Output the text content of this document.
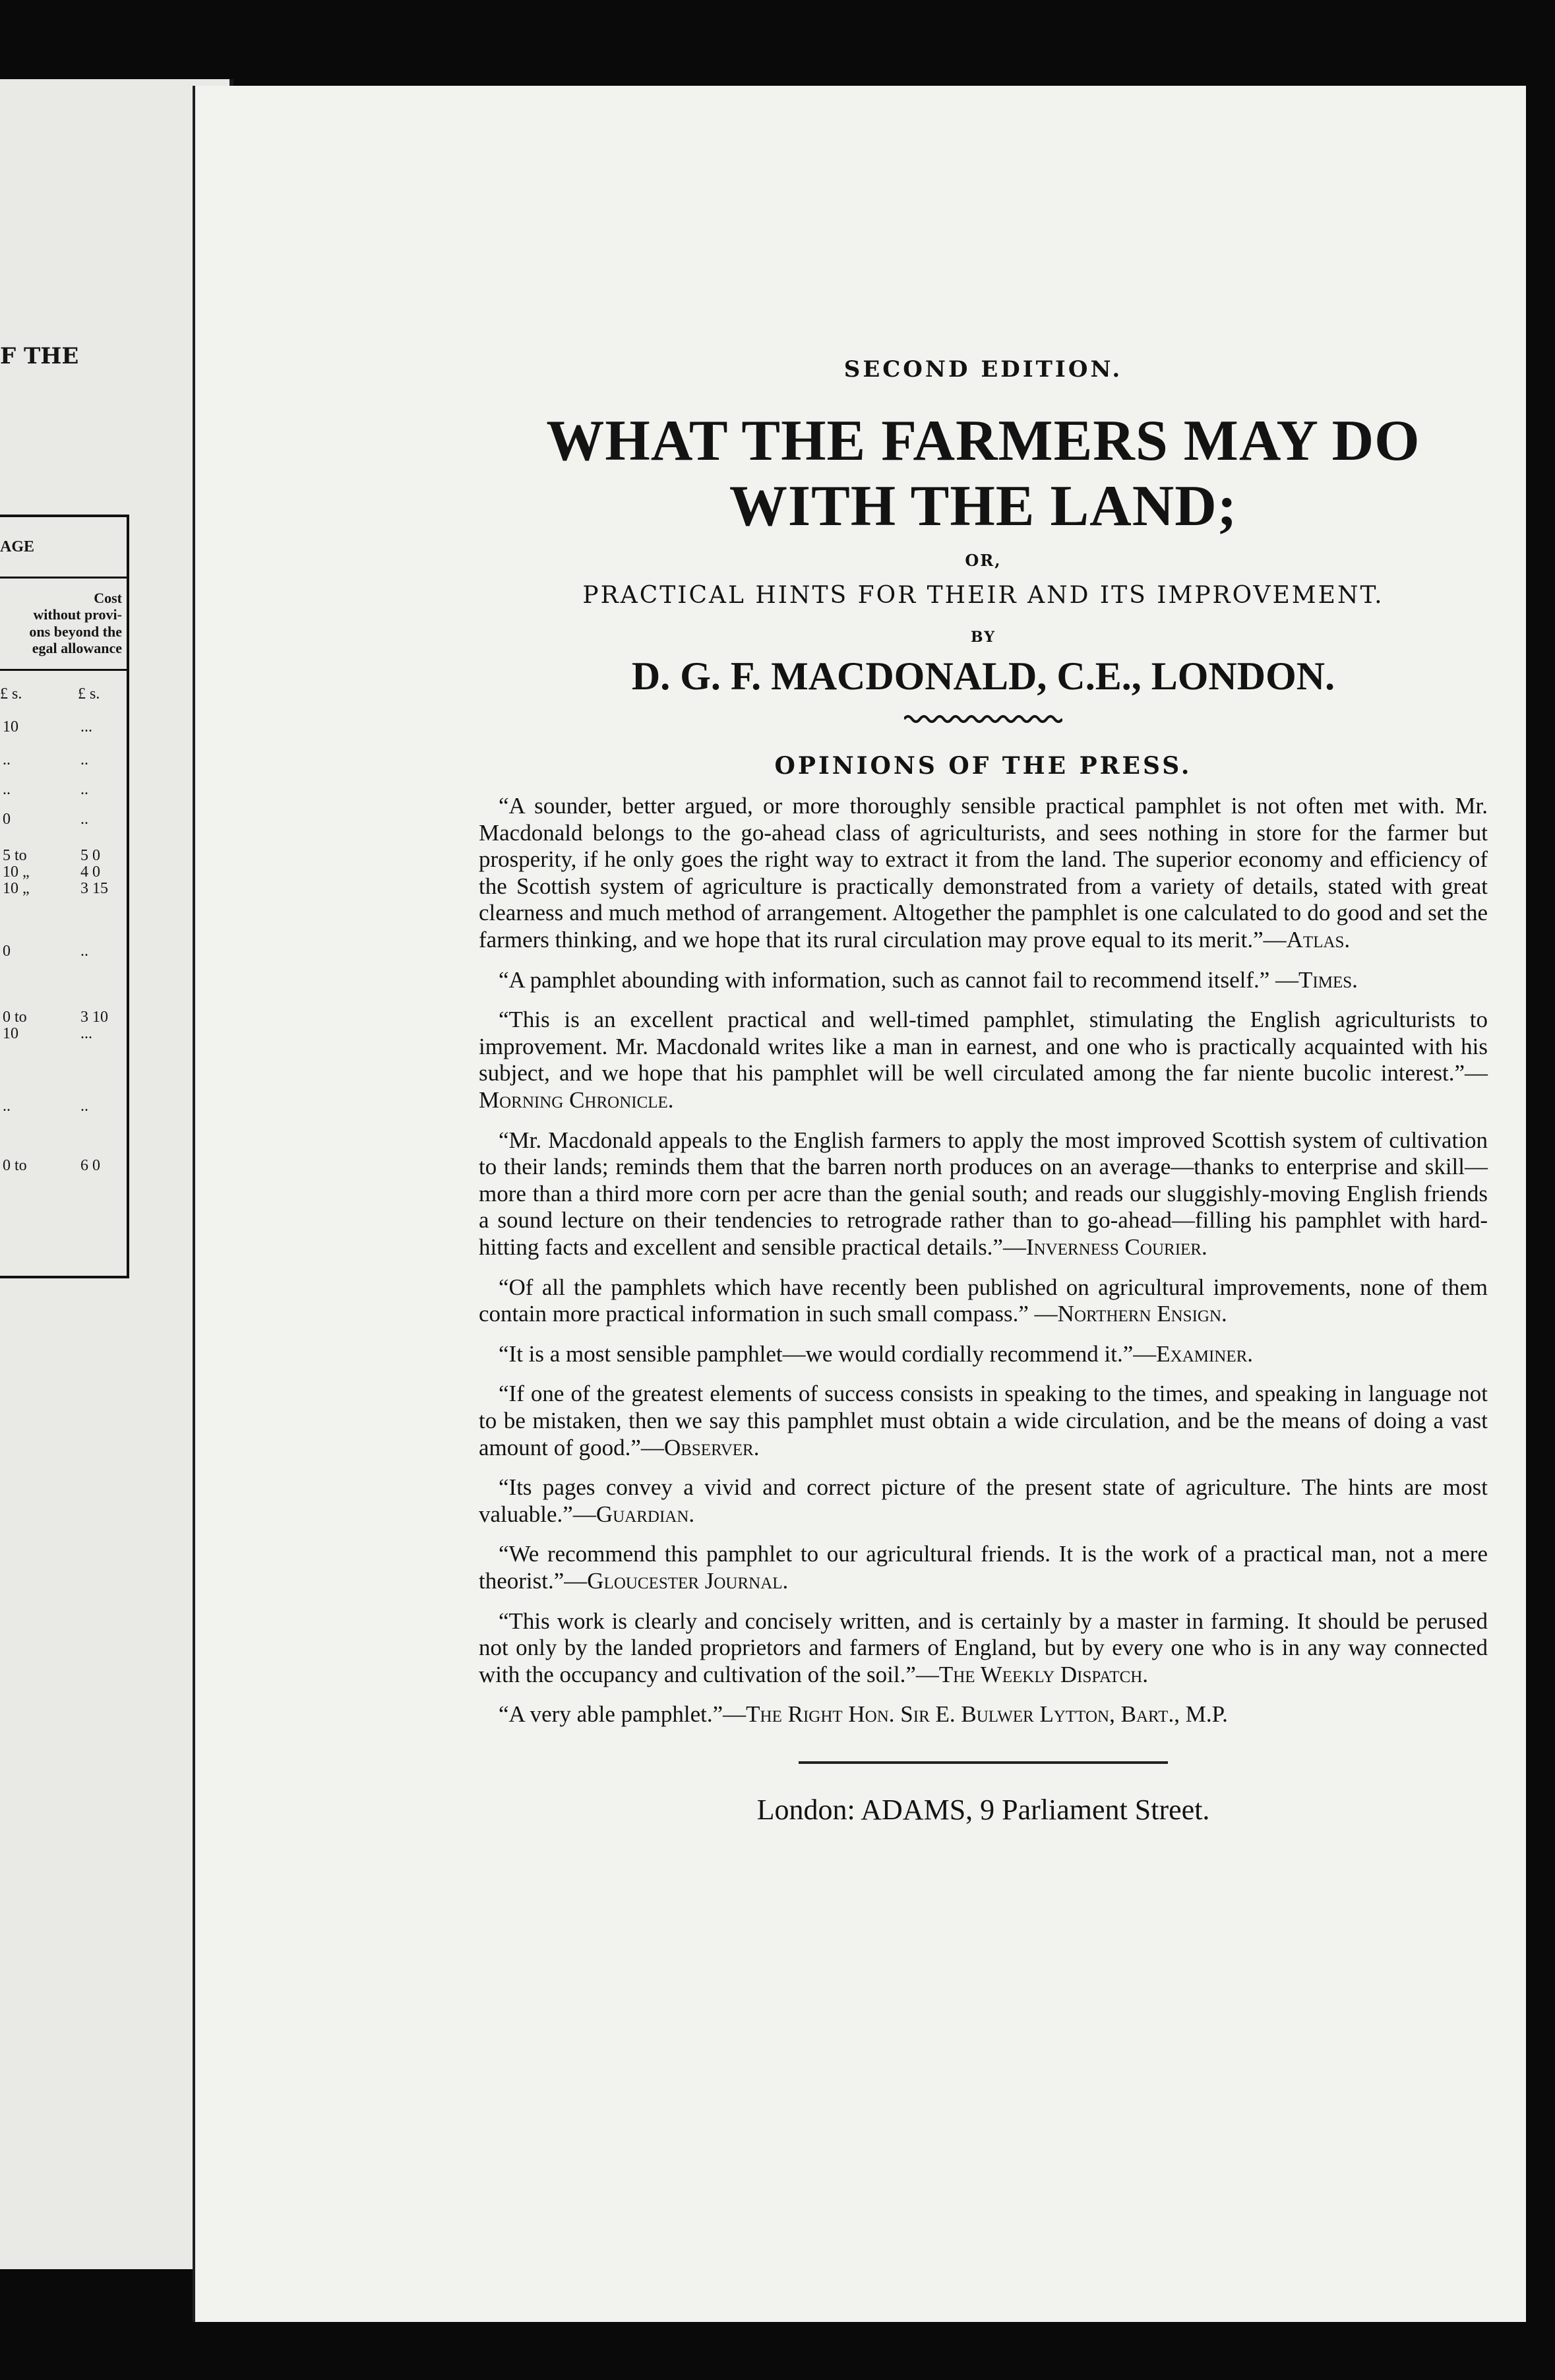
F THE
AGE
Cost
without provi-
ons beyond the
egal allowance
£ s.	£ s.
10	...
..	..
..	..
0	..
5 to	5 0
10 „	4 0
10 „	3 15
0	..
0 to	3 10
10	...
..	..
0 to	6 0

SECOND EDITION.

WHAT THE FARMERS MAY DO WITH THE LAND;

OR,

PRACTICAL HINTS FOR THEIR AND ITS IMPROVEMENT.

BY

D. G. F. MACDONALD, C.E., LONDON.

OPINIONS OF THE PRESS.

“A sounder, better argued, or more thoroughly sensible practical pamphlet is not often met with. Mr. Macdonald belongs to the go-ahead class of agriculturists, and sees nothing in store for the farmer but prosperity, if he only goes the right way to extract it from the land. The superior economy and efficiency of the Scottish system of agriculture is practically demonstrated from a variety of details, stated with great clearness and much method of arrangement. Altogether the pamphlet is one calculated to do good and set the farmers thinking, and we hope that its rural circulation may prove equal to its merit.”—Atlas.

“A pamphlet abounding with information, such as cannot fail to recommend itself.” —Times.

“This is an excellent practical and well-timed pamphlet, stimulating the English agriculturists to improvement. Mr. Macdonald writes like a man in earnest, and one who is practically acquainted with his subject, and we hope that his pamphlet will be well circulated among the far niente bucolic interest.”—Morning Chronicle.

“Mr. Macdonald appeals to the English farmers to apply the most improved Scottish system of cultivation to their lands; reminds them that the barren north produces on an average—thanks to enterprise and skill—more than a third more corn per acre than the genial south; and reads our sluggishly-moving English friends a sound lecture on their tendencies to retrograde rather than to go-ahead—filling his pamphlet with hard-hitting facts and excellent and sensible practical details.”—Inverness Courier.

“Of all the pamphlets which have recently been published on agricultural improvements, none of them contain more practical information in such small compass.” —Northern Ensign.

“It is a most sensible pamphlet—we would cordially recommend it.”—Examiner.

“If one of the greatest elements of success consists in speaking to the times, and speaking in language not to be mistaken, then we say this pamphlet must obtain a wide circulation, and be the means of doing a vast amount of good.”—Observer.

“Its pages convey a vivid and correct picture of the present state of agriculture. The hints are most valuable.”—Guardian.

“We recommend this pamphlet to our agricultural friends. It is the work of a practical man, not a mere theorist.”—Gloucester Journal.

“This work is clearly and concisely written, and is certainly by a master in farming. It should be perused not only by the landed proprietors and farmers of England, but by every one who is in any way connected with the occupancy and cultivation of the soil.”—The Weekly Dispatch.

“A very able pamphlet.”—The Right Hon. Sir E. Bulwer Lytton, Bart., M.P.

London: ADAMS, 9 Parliament Street.
